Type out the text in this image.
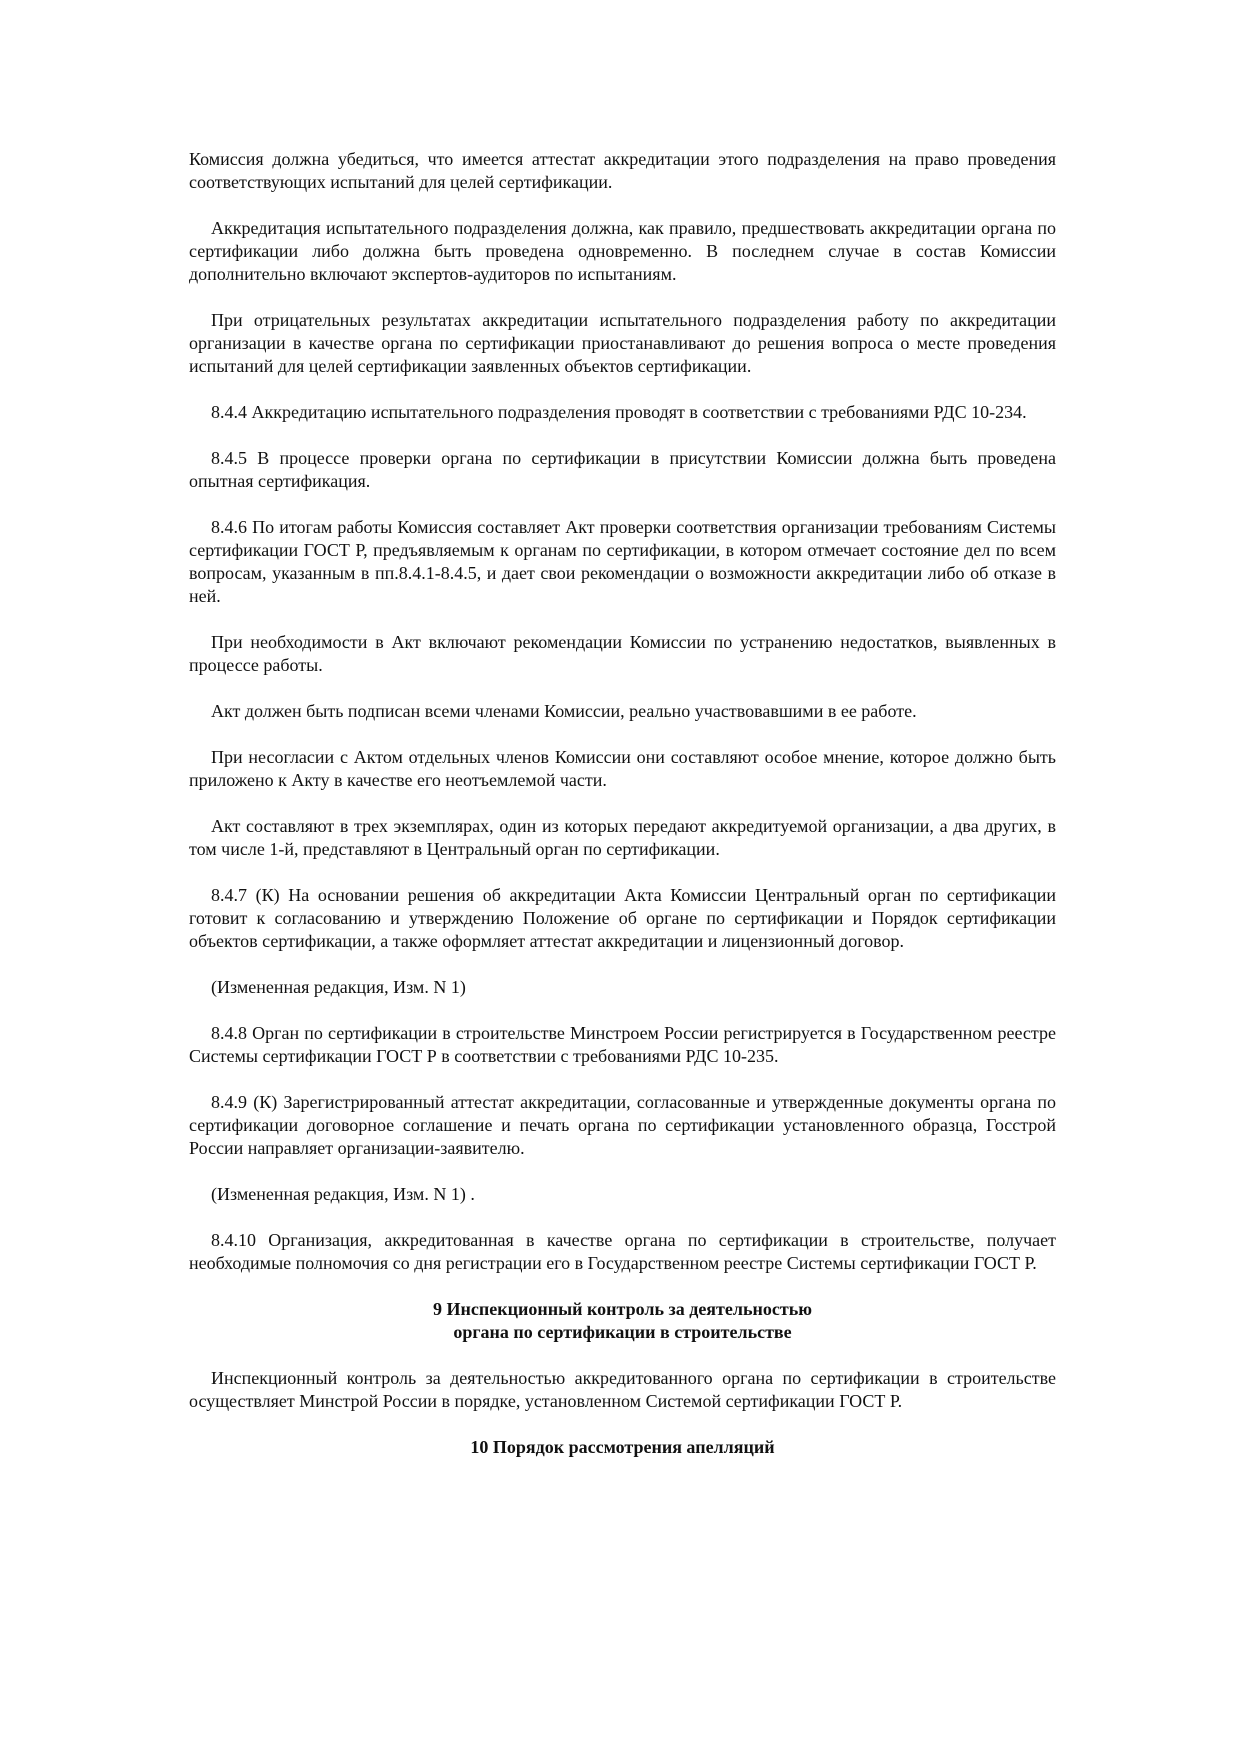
Комиссия должна убедиться, что имеется аттестат аккредитации этого подразделения на право проведения соответствующих испытаний для целей сертификации.

Аккредитация испытательного подразделения должна, как правило, предшествовать аккредитации органа по сертификации либо должна быть проведена одновременно. В последнем случае в состав Комиссии дополнительно включают экспертов-аудиторов по испытаниям.

При отрицательных результатах аккредитации испытательного подразделения работу по аккредитации организации в качестве органа по сертификации приостанавливают до решения вопроса о месте проведения испытаний для целей сертификации заявленных объектов сертификации.

8.4.4 Аккредитацию испытательного подразделения проводят в соответствии с требованиями РДС 10-234.

8.4.5 В процессе проверки органа по сертификации в присутствии Комиссии должна быть проведена опытная сертификация.

8.4.6 По итогам работы Комиссия составляет Акт проверки соответствия организации требованиям Системы сертификации ГОСТ Р, предъявляемым к органам по сертификации, в котором отмечает состояние дел по всем вопросам, указанным в пп.8.4.1-8.4.5, и дает свои рекомендации о возможности аккредитации либо об отказе в ней.

При необходимости в Акт включают рекомендации Комиссии по устранению недостатков, выявленных в процессе работы.

Акт должен быть подписан всеми членами Комиссии, реально участвовавшими в ее работе.

При несогласии с Актом отдельных членов Комиссии они составляют особое мнение, которое должно быть приложено к Акту в качестве его неотъемлемой части.

Акт составляют в трех экземплярах, один из которых передают аккредитуемой организации, а два других, в том числе 1-й, представляют в Центральный орган по сертификации.

8.4.7 (К) На основании решения об аккредитации Акта Комиссии Центральный орган по сертификации готовит к согласованию и утверждению Положение об органе по сертификации и Порядок сертификации объектов сертификации, а также оформляет аттестат аккредитации и лицензионный договор.

(Измененная редакция, Изм. N 1)

8.4.8 Орган по сертификации в строительстве Минстроем России регистрируется в Государственном реестре Системы сертификации ГОСТ Р в соответствии с требованиями РДС 10-235.

8.4.9 (К) Зарегистрированный аттестат аккредитации, согласованные и утвержденные документы органа по сертификации договорное соглашение и печать органа по сертификации установленного образца, Госстрой России направляет организации-заявителю.

(Измененная редакция, Изм. N 1) .

8.4.10 Организация, аккредитованная в качестве органа по сертификации в строительстве, получает необходимые полномочия со дня регистрации его в Государственном реестре Системы сертификации ГОСТ Р.

9 Инспекционный контроль за деятельностью
органа по сертификации в строительстве

Инспекционный контроль за деятельностью аккредитованного органа по сертификации в строительстве осуществляет Минстрой России в порядке, установленном Системой сертификации ГОСТ Р.

10 Порядок рассмотрения апелляций
